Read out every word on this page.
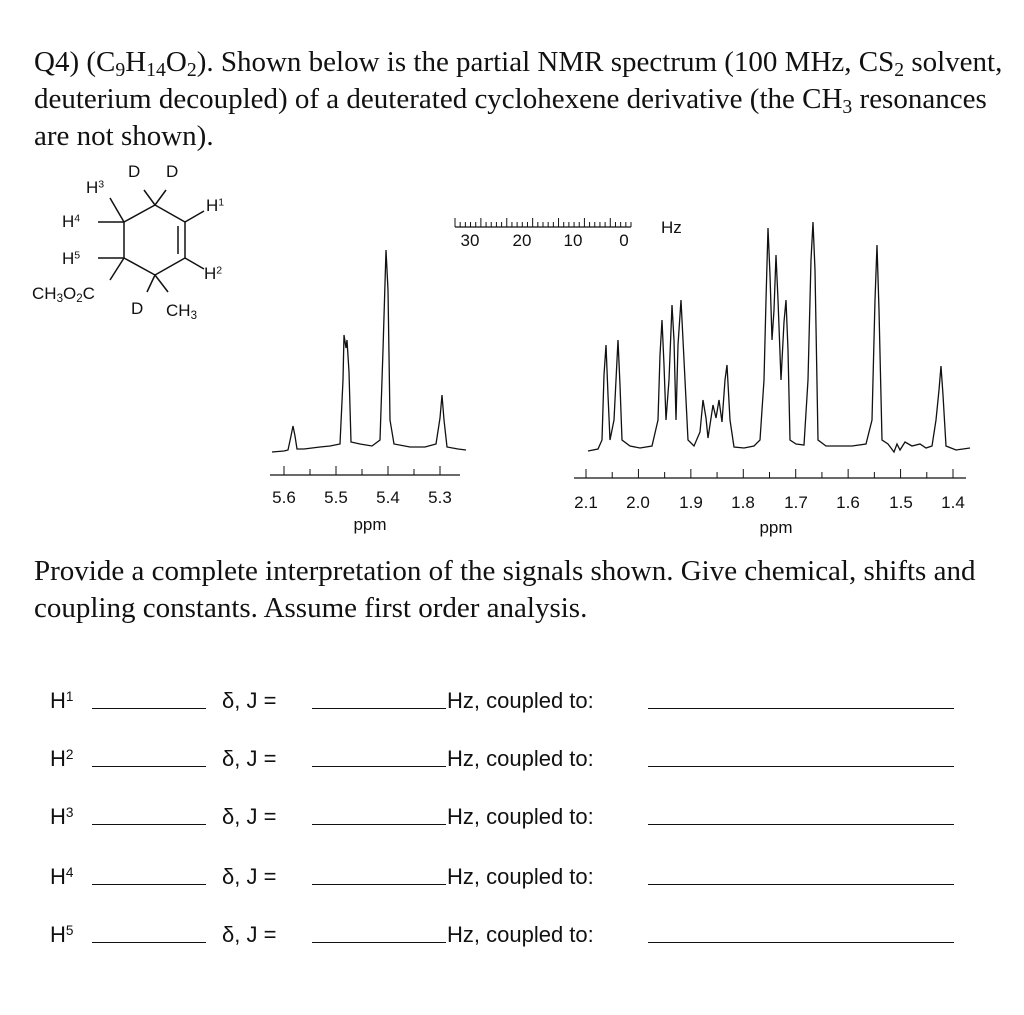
Q4) $(C_9H_{14}O_2)$. Shown below is the partial NMR spectrum (100 MHz, $CS_2$ solvent, deuterium decoupled) of a deuterated cyclohexene derivative (the $CH_3$ resonances are not shown).

D D
$H^3$
$H^1$
$H^4$
$H^5$
$H^2$
$CH_3O_2C$
D $CH_3$
30 20 10 0
Hz
5.6 5.5 5.4 5.3
ppm
2.1 2.0 1.9 1.8 1.7 1.6 1.5 1.4
ppm
Provide a complete interpretation of the signals shown. Give chemical, shifts and coupling constants. Assume first order analysis.
$H^1$	δ, J =	Hz, coupled to:
$H^2$	δ, J =	Hz, coupled to:
$H^3$	δ, J =	Hz, coupled to:
$H^4$	δ, J =	Hz, coupled to:
$H^5$	δ, J =	Hz, coupled to:
